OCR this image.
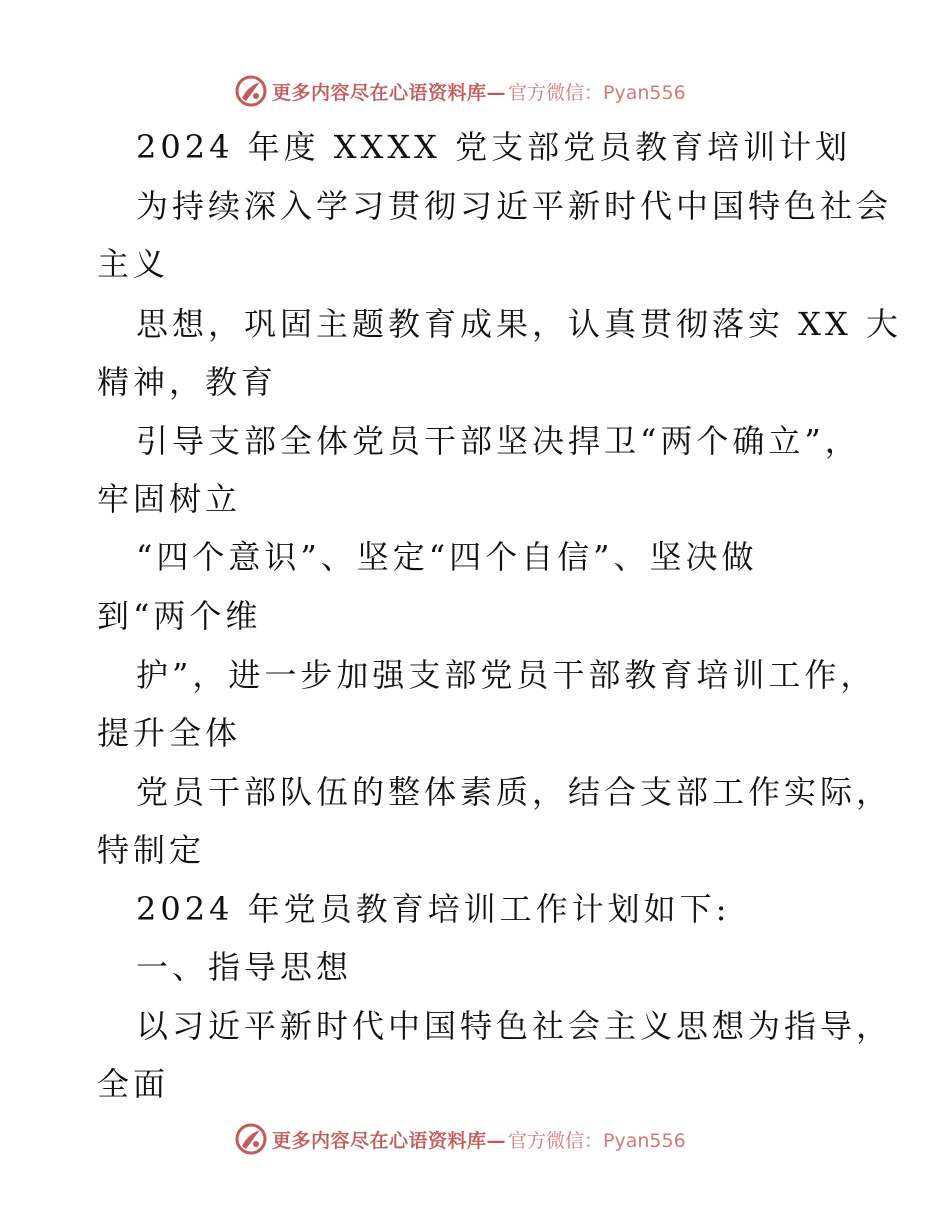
更多内容尽在心语资料库— 官方微信：Pyan556
2024 年度 XXXX 党支部党员教育培训计划
为持续深入学习贯彻习近平新时代中国特色社会
主义
思想，巩固主题教育成果，认真贯彻落实 XX 大
精神，教育
引导支部全体党员干部坚决捍卫“两个确立”，
牢固树立
“四个意识”、坚定“四个自信”、坚决做
到“两个维
护”，进一步加强支部党员干部教育培训工作，
提升全体
党员干部队伍的整体素质，结合支部工作实际，
特制定
2024 年党员教育培训工作计划如下:
一、指导思想
以习近平新时代中国特色社会主义思想为指导，
全面
更多内容尽在心语资料库— 官方微信：Pyan556
